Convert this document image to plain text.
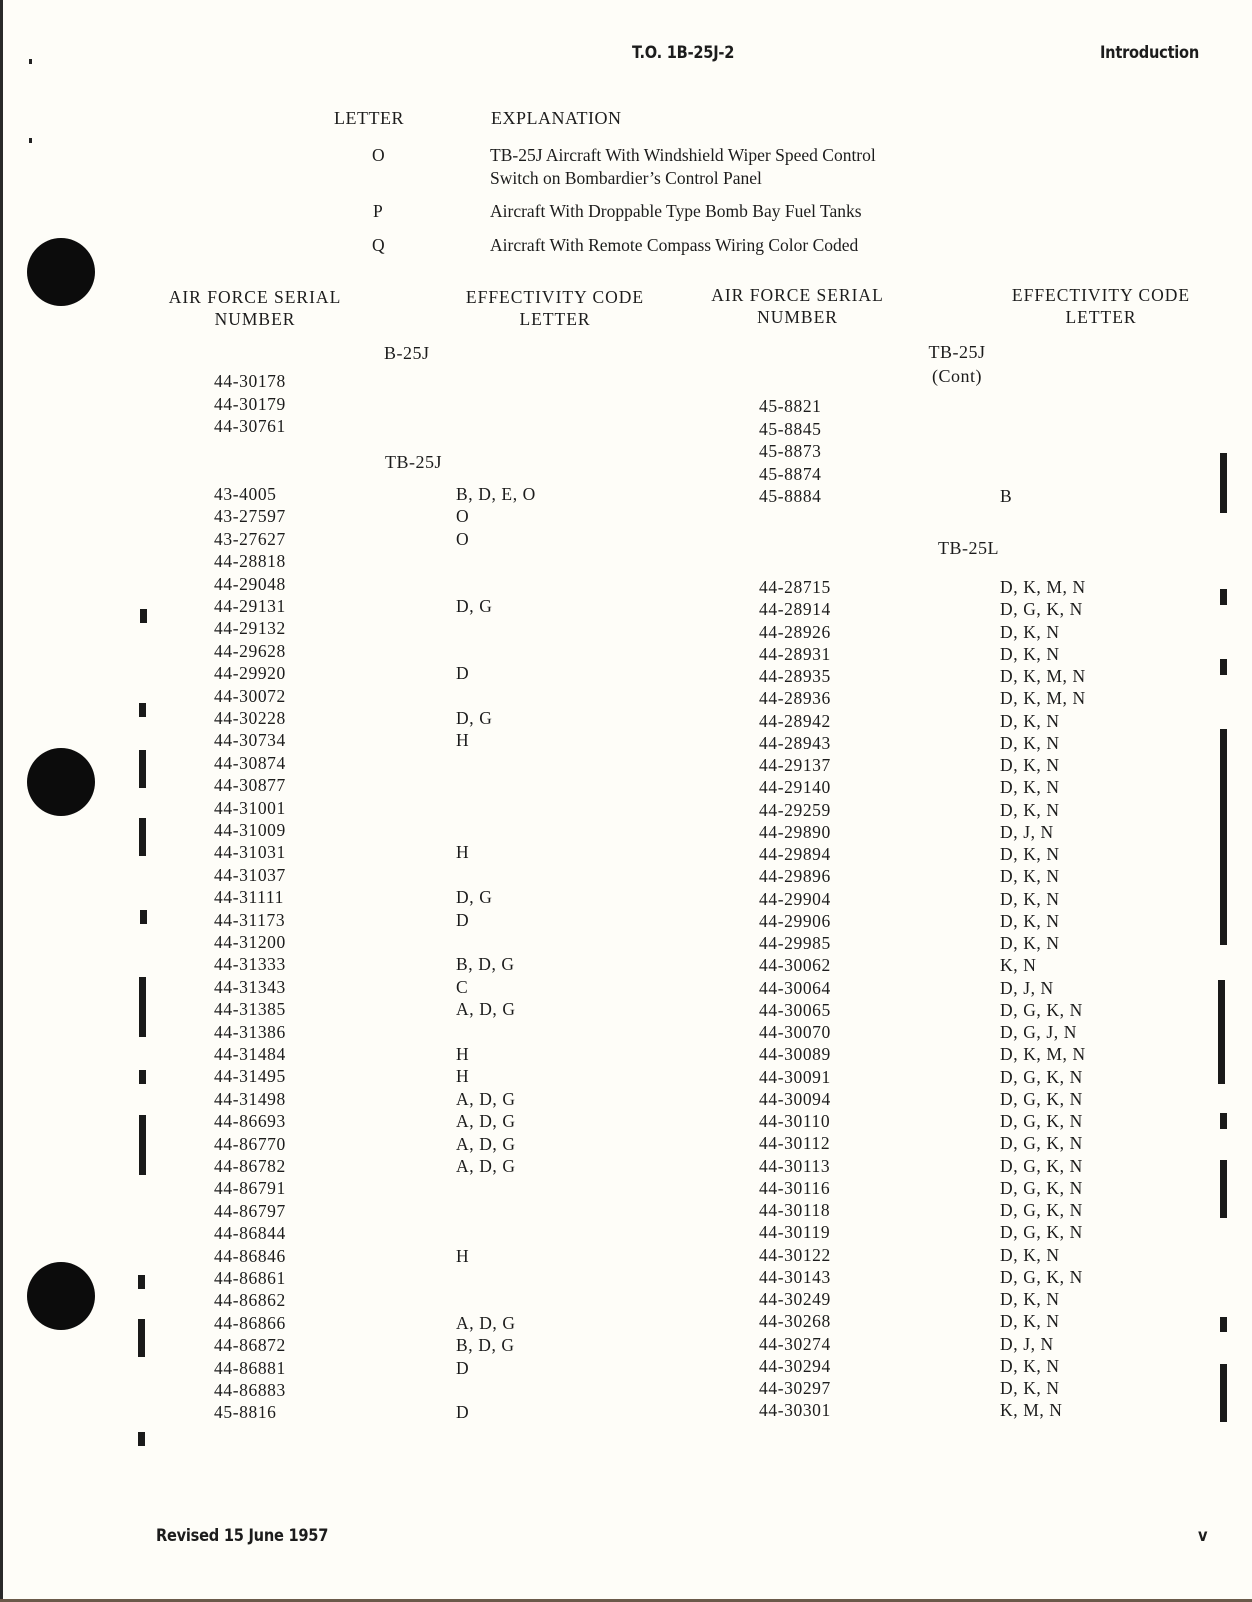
T.O. 1B-25J-2	Introduction
LETTER	EXPLANATION
O	TB-25J Aircraft With Windshield Wiper Speed Control
Switch on Bombardier’s Control Panel
P	Aircraft With Droppable Type Bomb Bay Fuel Tanks
Q	Aircraft With Remote Compass Wiring Color Coded
AIR FORCE SERIAL
NUMBER
EFFECTIVITY CODE
LETTER
AIR FORCE SERIAL
NUMBER
EFFECTIVITY CODE
LETTER
B-25J
TB-25J
TB-25J
(Cont)
TB-25L
44-30178
44-30179
44-30761
43-4005	B, D, E, O
43-27597	O
43-27627	O
44-28818
44-29048
44-29131	D, G
44-29132
44-29628
44-29920	D
44-30072
44-30228	D, G
44-30734	H
44-30874
44-30877
44-31001
44-31009
44-31031	H
44-31037
44-31111	D, G
44-31173	D
44-31200
44-31333	B, D, G
44-31343	C
44-31385	A, D, G
44-31386
44-31484	H
44-31495	H
44-31498	A, D, G
44-86693	A, D, G
44-86770	A, D, G
44-86782	A, D, G
44-86791
44-86797
44-86844
44-86846	H
44-86861
44-86862
44-86866	A, D, G
44-86872	B, D, G
44-86881	D
44-86883
45-8816	D
45-8821
45-8845
45-8873
45-8874
45-8884	B
44-28715	D, K, M, N
44-28914	D, G, K, N
44-28926	D, K, N
44-28931	D, K, N
44-28935	D, K, M, N
44-28936	D, K, M, N
44-28942	D, K, N
44-28943	D, K, N
44-29137	D, K, N
44-29140	D, K, N
44-29259	D, K, N
44-29890	D, J, N
44-29894	D, K, N
44-29896	D, K, N
44-29904	D, K, N
44-29906	D, K, N
44-29985	D, K, N
44-30062	K, N
44-30064	D, J, N
44-30065	D, G, K, N
44-30070	D, G, J, N
44-30089	D, K, M, N
44-30091	D, G, K, N
44-30094	D, G, K, N
44-30110	D, G, K, N
44-30112	D, G, K, N
44-30113	D, G, K, N
44-30116	D, G, K, N
44-30118	D, G, K, N
44-30119	D, G, K, N
44-30122	D, K, N
44-30143	D, G, K, N
44-30249	D, K, N
44-30268	D, K, N
44-30274	D, J, N
44-30294	D, K, N
44-30297	D, K, N
44-30301	K, M, N
Revised 15 June 1957	v
